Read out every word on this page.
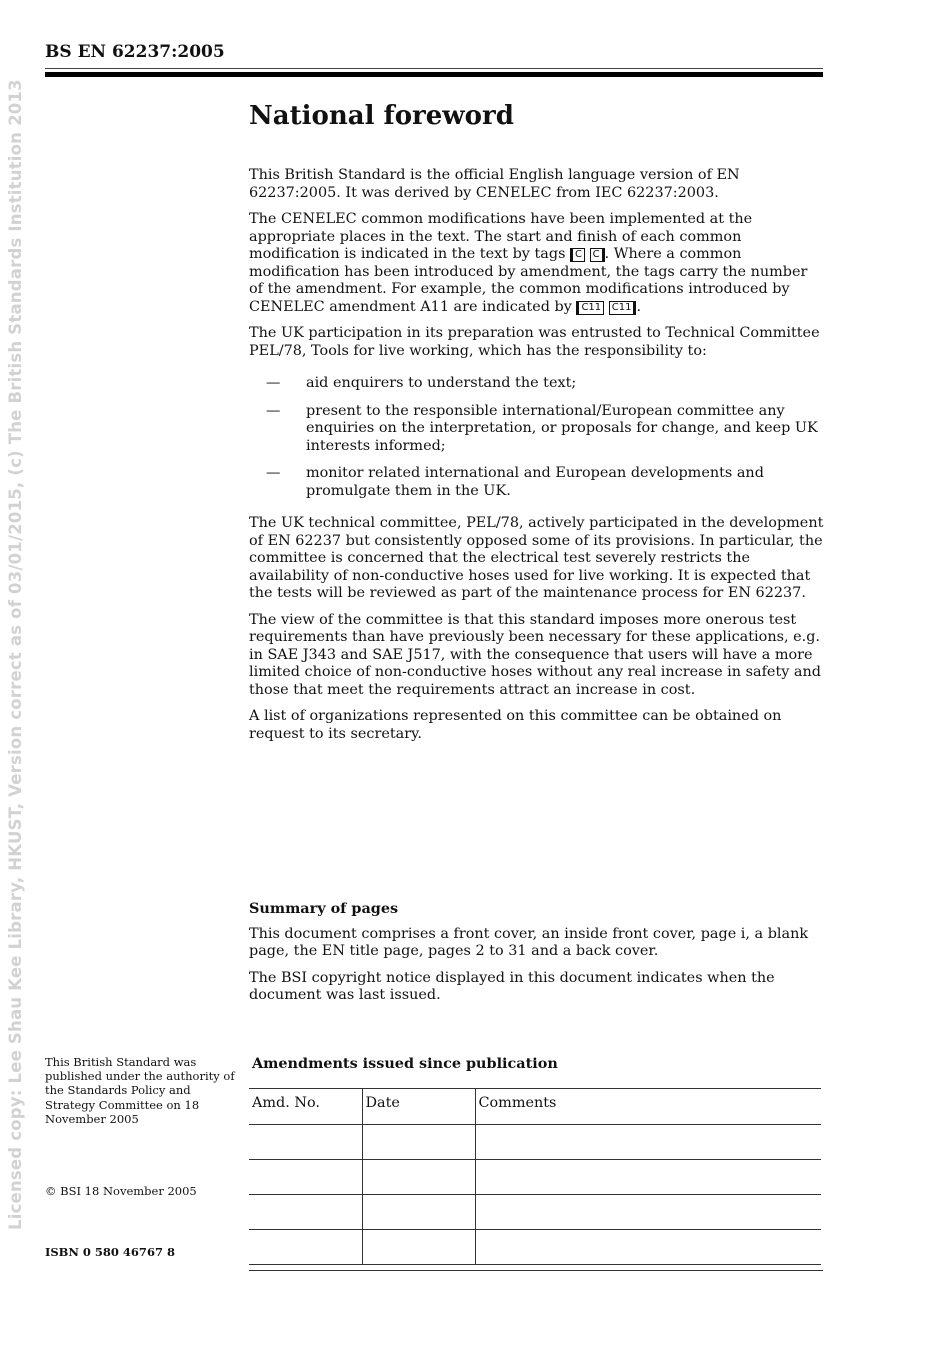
BS EN 62237:2005
Licensed copy: Lee Shau Kee Library, HKUST, Version correct as of 03/01/2015, (c) The British Standards Institution 2013	National foreword

This British Standard is the official English language version of EN 62237:2005. It was derived by CENELEC from IEC 62237:2003.

The CENELEC common modifications have been implemented at the appropriate places in the text. The start and finish of each common modification is indicated in the text by tags C C . Where a common modification has been introduced by amendment, the tags carry the number of the amendment. For example, the common modifications introduced by CENELEC amendment A11 are indicated by C11 C11 .

The UK participation in its preparation was entrusted to Technical Committee PEL/78, Tools for live working, which has the responsibility to:

— aid enquirers to understand the text;
— present to the responsible international/European committee any enquiries on the interpretation, or proposals for change, and keep UK interests informed;
— monitor related international and European developments and promulgate them in the UK.

The UK technical committee, PEL/78, actively participated in the development of EN 62237 but consistently opposed some of its provisions. In particular, the committee is concerned that the electrical test severely restricts the availability of non-conductive hoses used for live working. It is expected that the tests will be reviewed as part of the maintenance process for EN 62237.

The view of the committee is that this standard imposes more onerous test requirements than have previously been necessary for these applications, e.g. in SAE J343 and SAE J517, with the consequence that users will have a more limited choice of non-conductive hoses without any real increase in safety and those that meet the requirements attract an increase in cost.

A list of organizations represented on this committee can be obtained on request to its secretary.

Summary of pages

This document comprises a front cover, an inside front cover, page i, a blank page, the EN title page, pages 2 to 31 and a back cover.

The BSI copyright notice displayed in this document indicates when the document was last issued.

This British Standard was published under the authority of the Standards Policy and Strategy Committee on 18 November 2005
© BSI 18 November 2005
ISBN 0 580 46767 8
Amendments issued since publication
Amd. No.	Date	Comments
